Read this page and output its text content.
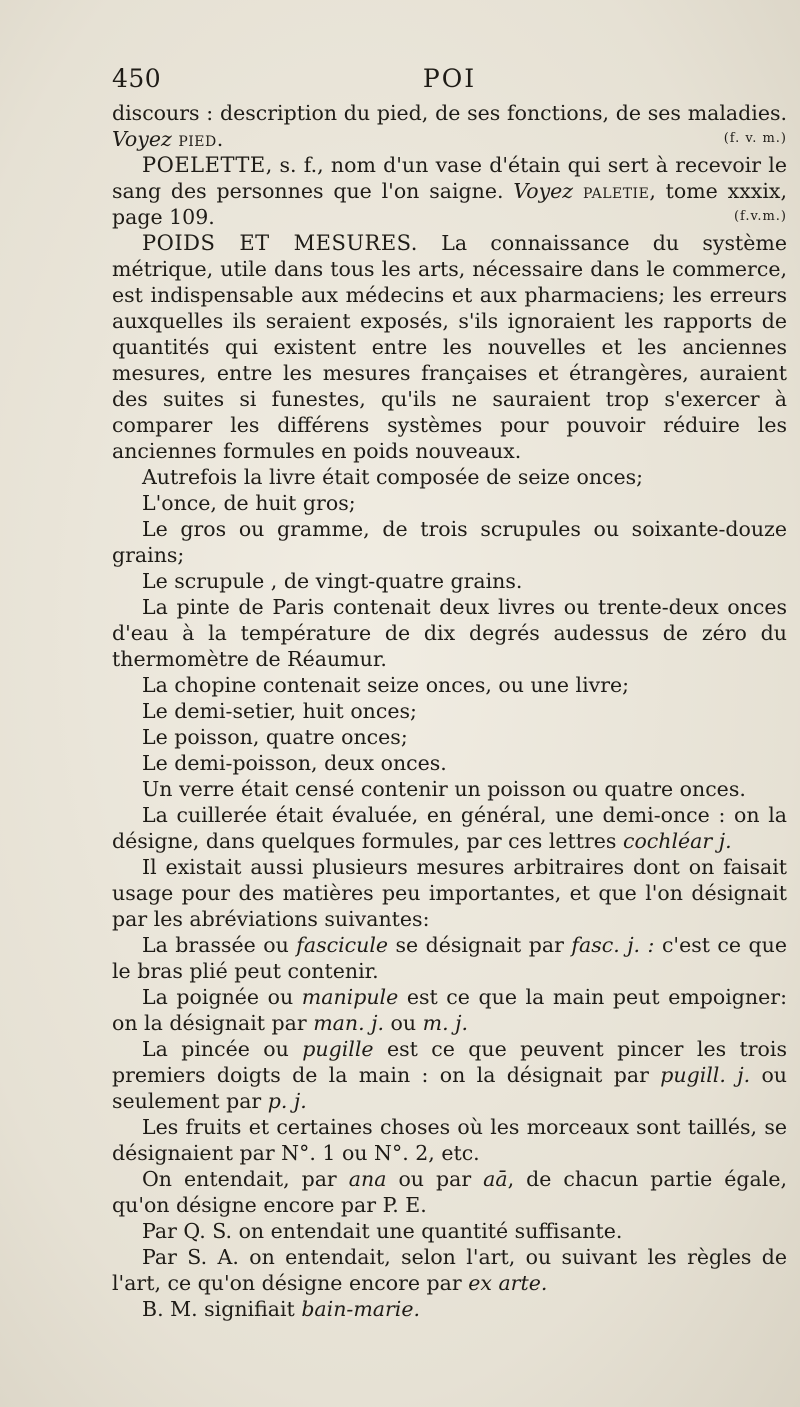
450	POI

discours : description du pied, de ses fonctions, de ses maladies. Voyez pied.	(f. v. m.)

POELETTE, s. f., nom d'un vase d'étain qui sert à recevoir le sang des personnes que l'on saigne. Voyez paletie, tome xxxix, page 109.	(f.v.m.)

POIDS ET MESURES. La connaissance du système métrique, utile dans tous les arts, nécessaire dans le commerce, est indispensable aux médecins et aux pharmaciens; les erreurs auxquelles ils seraient exposés, s'ils ignoraient les rapports de quantités qui existent entre les nouvelles et les anciennes mesures, entre les mesures françaises et étrangères, auraient des suites si funestes, qu'ils ne sauraient trop s'exercer à comparer les différens systèmes pour pouvoir réduire les anciennes formules en poids nouveaux.

Autrefois la livre était composée de seize onces;

L'once, de huit gros;

Le gros ou gramme, de trois scrupules ou soixante-douze grains;

Le scrupule , de vingt-quatre grains.

La pinte de Paris contenait deux livres ou trente-deux onces d'eau à la température de dix degrés audessus de zéro du thermomètre de Réaumur.

La chopine contenait seize onces, ou une livre;

Le demi-setier, huit onces;

Le poisson, quatre onces;

Le demi-poisson, deux onces.

Un verre était censé contenir un poisson ou quatre onces.

La cuillerée était évaluée, en général, une demi-once : on la désigne, dans quelques formules, par ces lettres cochléar j.

Il existait aussi plusieurs mesures arbitraires dont on faisait usage pour des matières peu importantes, et que l'on désignait par les abréviations suivantes:

La brassée ou fascicule se désignait par fasc. j. : c'est ce que le bras plié peut contenir.

La poignée ou manipule est ce que la main peut empoigner: on la désignait par man. j. ou m. j.

La pincée ou pugille est ce que peuvent pincer les trois premiers doigts de la main : on la désignait par pugill. j. ou seulement par p. j.

Les fruits et certaines choses où les morceaux sont taillés, se désignaient par N°. 1 ou N°. 2, etc.

On entendait, par ana ou par aā, de chacun partie égale, qu'on désigne encore par P. E.

Par Q. S. on entendait une quantité suffisante.

Par S. A. on entendait, selon l'art, ou suivant les règles de l'art, ce qu'on désigne encore par ex arte.

B. M. signifiait bain-marie.
